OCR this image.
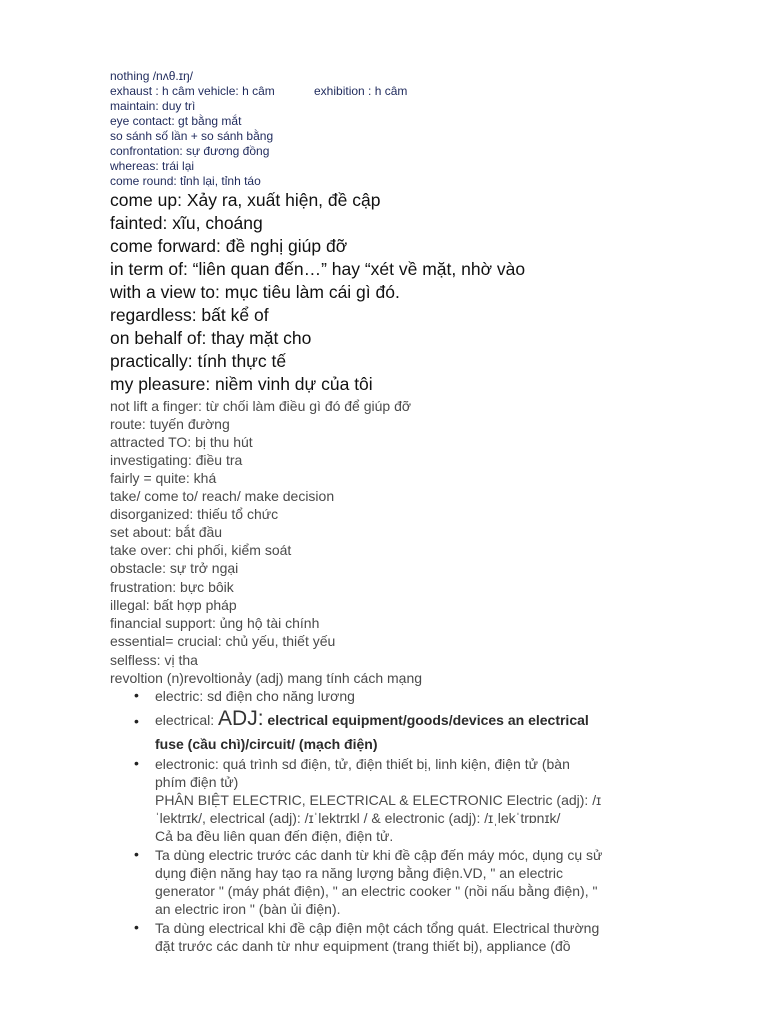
nothing /nʌθ.ɪŋ/

exhaust : h câm vehicle: h câm	exhibition : h câm

maintain: duy trì

eye contact: gt bằng mắt

so sánh số lần + so sánh bằng

confrontation: sự đương đồng

whereas: trái lại

come round: tỉnh lại, tỉnh táo

come up: Xảy ra, xuất hiện, đề cập

fainted: xĩu, choáng

come forward: đề nghị giúp đỡ

in term of: “liên quan đến…” hay “xét về mặt, nhờ vào

with a view to: mục tiêu làm cái gì đó.

regardless: bất kể of

on behalf of: thay mặt cho

practically: tính thực tế

my pleasure: niềm vinh dự của tôi

not lift a finger: từ chối làm điều gì đó để giúp đỡ

route: tuyến đường

attracted TO: bị thu hút

investigating: điều tra

fairly = quite: khá

take/ come to/ reach/ make decision

disorganized: thiếu tổ chức

set about: bắt đầu

take over: chi phối, kiểm soát

obstacle: sự trở ngại

frustration: bực bôik

illegal: bất hợp pháp

financial support: ủng hộ tài chính

essential= crucial: chủ yếu, thiết yếu

selfless: vị tha

revoltion (n)revoltionảy (adj) mang tính cách mạng

• electric: sd điện cho năng lương

• electrical: ADJ: electrical equipment/goods/devices an electrical

fuse (cầu chì)/circuit/ (mạch điện)

• electronic: quá trình sd điện, tử, điện thiết bị, linh kiện, điện tử (bàn

phím điện tử)

PHÂN BIỆT ELECTRIC, ELECTRICAL & ELECTRONIC Electric (adj): /ɪ

ˈlektrɪk/, electrical (adj): /ɪˈlektrɪkl / & electronic (adj): /ɪˌlekˈtrɒnɪk/

Cả ba đều liên quan đến điện, điện tử.

• Ta dùng electric trước các danh từ khi đề cập đến máy móc, dụng cụ sử

dụng điện năng hay tạo ra năng lượng bằng điện.VD, " an electric

generator " (máy phát điện), " an electric cooker " (nồi nấu bằng điện), "

an electric iron " (bàn ủi điện).

• Ta dùng electrical khi đề cập điện một cách tổng quát. Electrical thường

đặt trước các danh từ như equipment (trang thiết bị), appliance (đồ
